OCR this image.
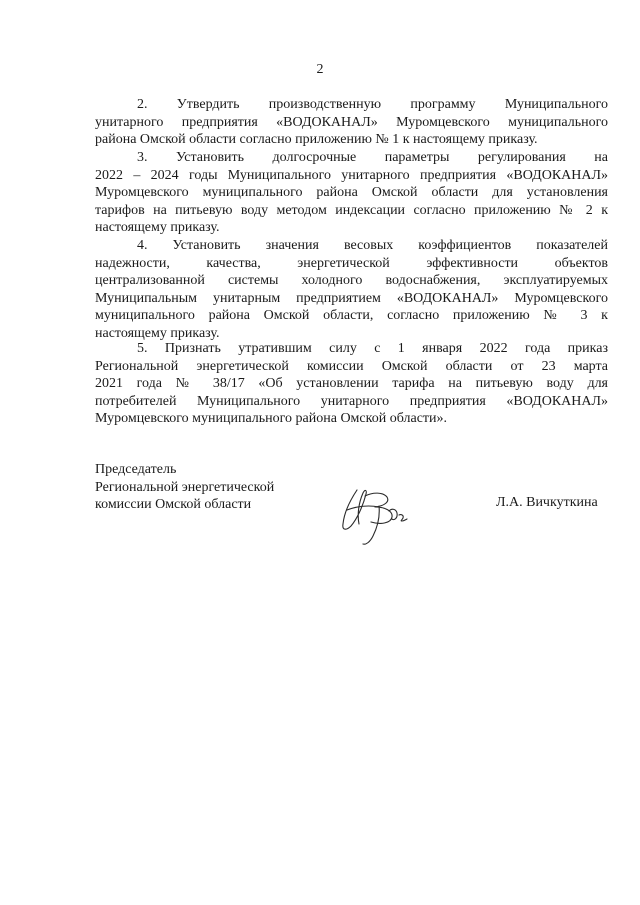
2
2. Утвердить производственную программу Муниципального
унитарного предприятия «ВОДОКАНАЛ» Муромцевского муниципального
района Омской области согласно приложению № 1 к настоящему приказу.
3. Установить долгосрочные параметры регулирования на
2022 – 2024 годы Муниципального унитарного предприятия «ВОДОКАНАЛ»
Муромцевского муниципального района Омской области для установления
тарифов на питьевую воду методом индексации согласно приложению № 2 к
настоящему приказу.
4. Установить значения весовых коэффициентов показателей
надежности, качества, энергетической эффективности объектов
централизованной системы холодного водоснабжения, эксплуатируемых
Муниципальным унитарным предприятием «ВОДОКАНАЛ» Муромцевского
муниципального района Омской области, согласно приложению № 3 к
настоящему приказу.
5. Признать утратившим силу с 1 января 2022 года приказ
Региональной энергетической комиссии Омской области от 23 марта
2021 года № 38/17 «Об установлении тарифа на питьевую воду для
потребителей Муниципального унитарного предприятия «ВОДОКАНАЛ»
Муромцевского муниципального района Омской области».
Председатель
Региональной энергетической
комиссии Омской области	Л.А. Вичкуткина
